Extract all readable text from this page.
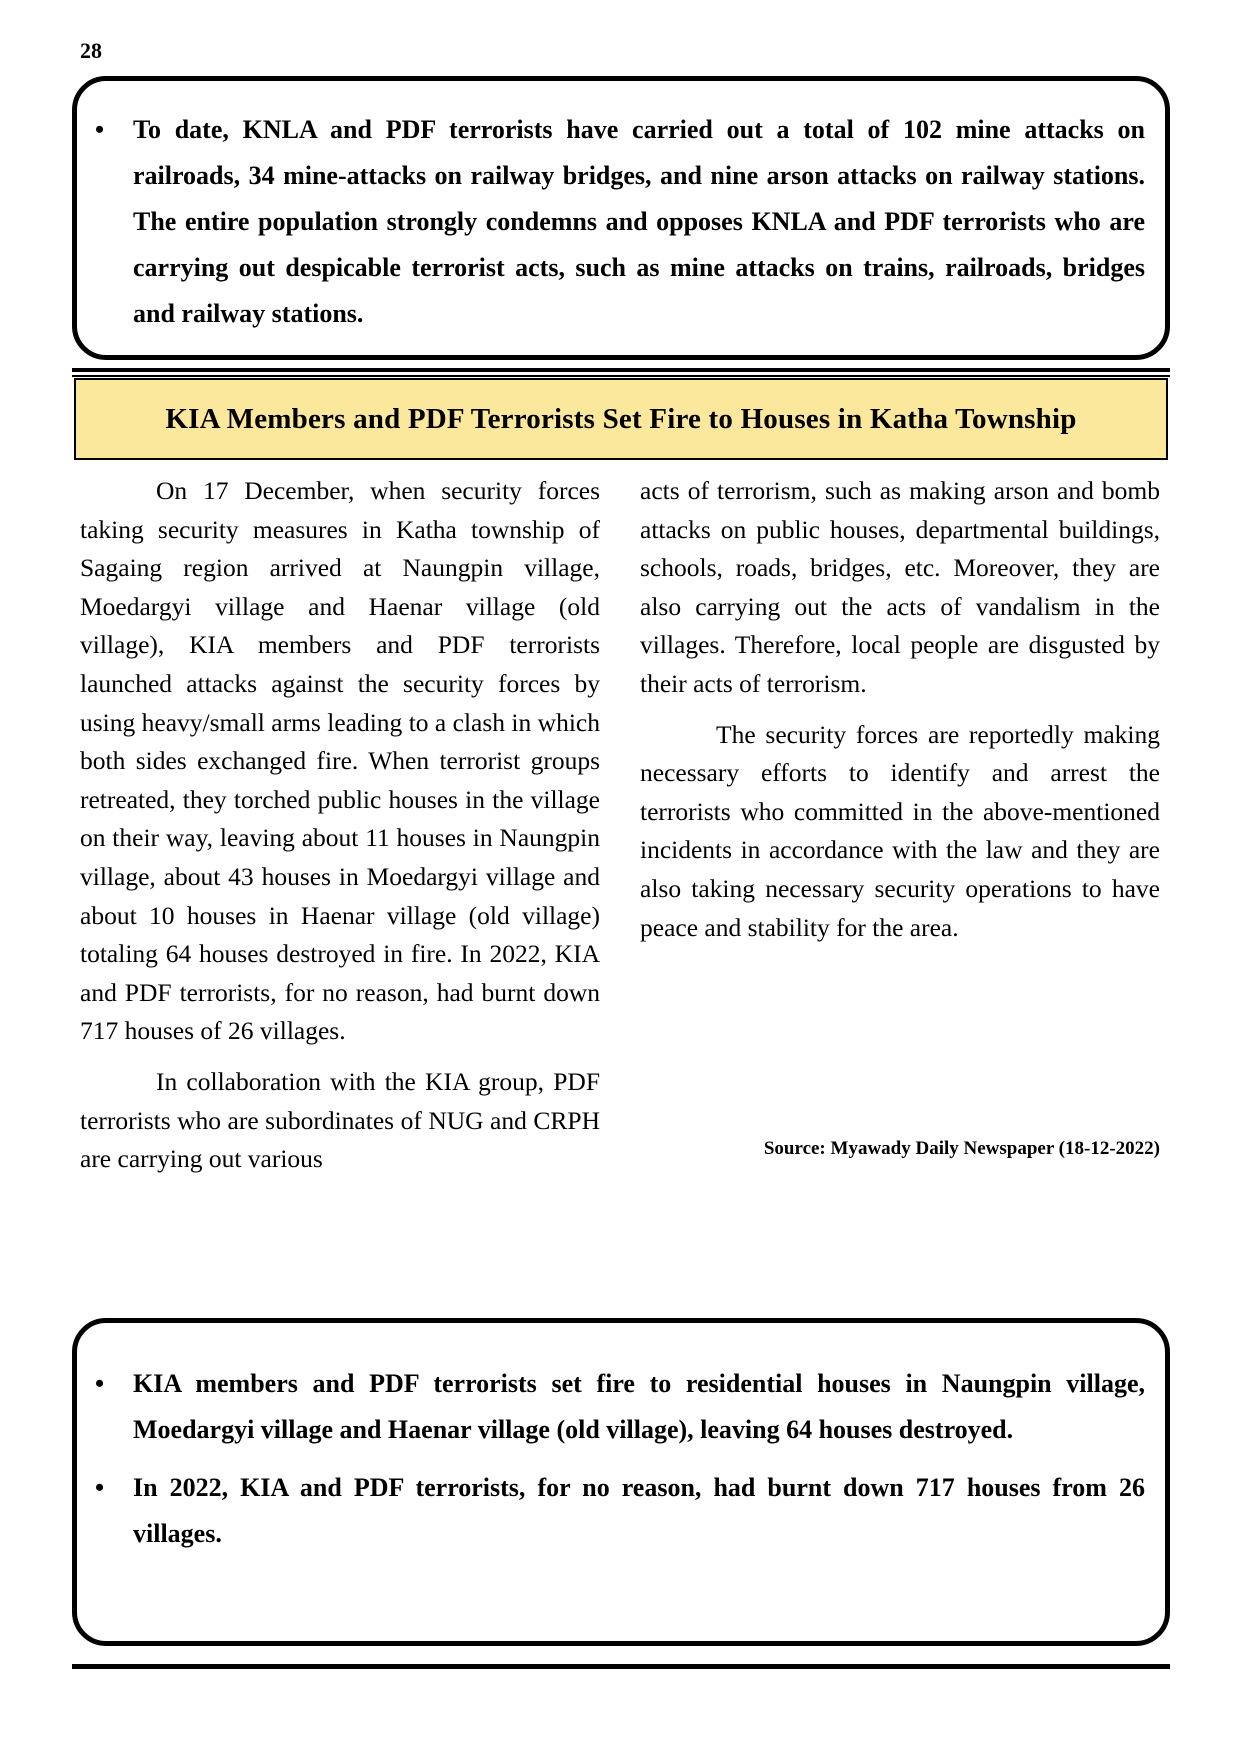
28
• To date, KNLA and PDF terrorists have carried out a total of 102 mine attacks on railroads, 34 mine-attacks on railway bridges, and nine arson attacks on railway stations. The entire population strongly condemns and opposes KNLA and PDF terrorists who are carrying out despicable terrorist acts, such as mine attacks on trains, railroads, bridges and railway stations.
KIA Members and PDF Terrorists Set Fire to Houses in Katha Township

On 17 December, when security forces taking security measures in Katha township of Sagaing region arrived at Naungpin village, Moedargyi village and Haenar village (old village), KIA members and PDF terrorists launched attacks against the security forces by using heavy/small arms leading to a clash in which both sides exchanged fire. When terrorist groups retreated, they torched public houses in the village on their way, leaving about 11 houses in Naungpin village, about 43 houses in Moedargyi village and about 10 houses in Haenar village (old village) totaling 64 houses destroyed in fire. In 2022, KIA and PDF terrorists, for no reason, had burnt down 717 houses of 26 villages.

In collaboration with the KIA group, PDF terrorists who are subordinates of NUG and CRPH are carrying out various

acts of terrorism, such as making arson and bomb attacks on public houses, departmental buildings, schools, roads, bridges, etc. Moreover, they are also carrying out the acts of vandalism in the villages. Therefore, local people are disgusted by their acts of terrorism.

The security forces are reportedly making necessary efforts to identify and arrest the terrorists who committed in the above-mentioned incidents in accordance with the law and they are also taking necessary security operations to have peace and stability for the area.

Source: Myawady Daily Newspaper (18-12-2022)
• KIA members and PDF terrorists set fire to residential houses in Naungpin village, Moedargyi village and Haenar village (old village), leaving 64 houses destroyed.
• In 2022, KIA and PDF terrorists, for no reason, had burnt down 717 houses from 26 villages.
